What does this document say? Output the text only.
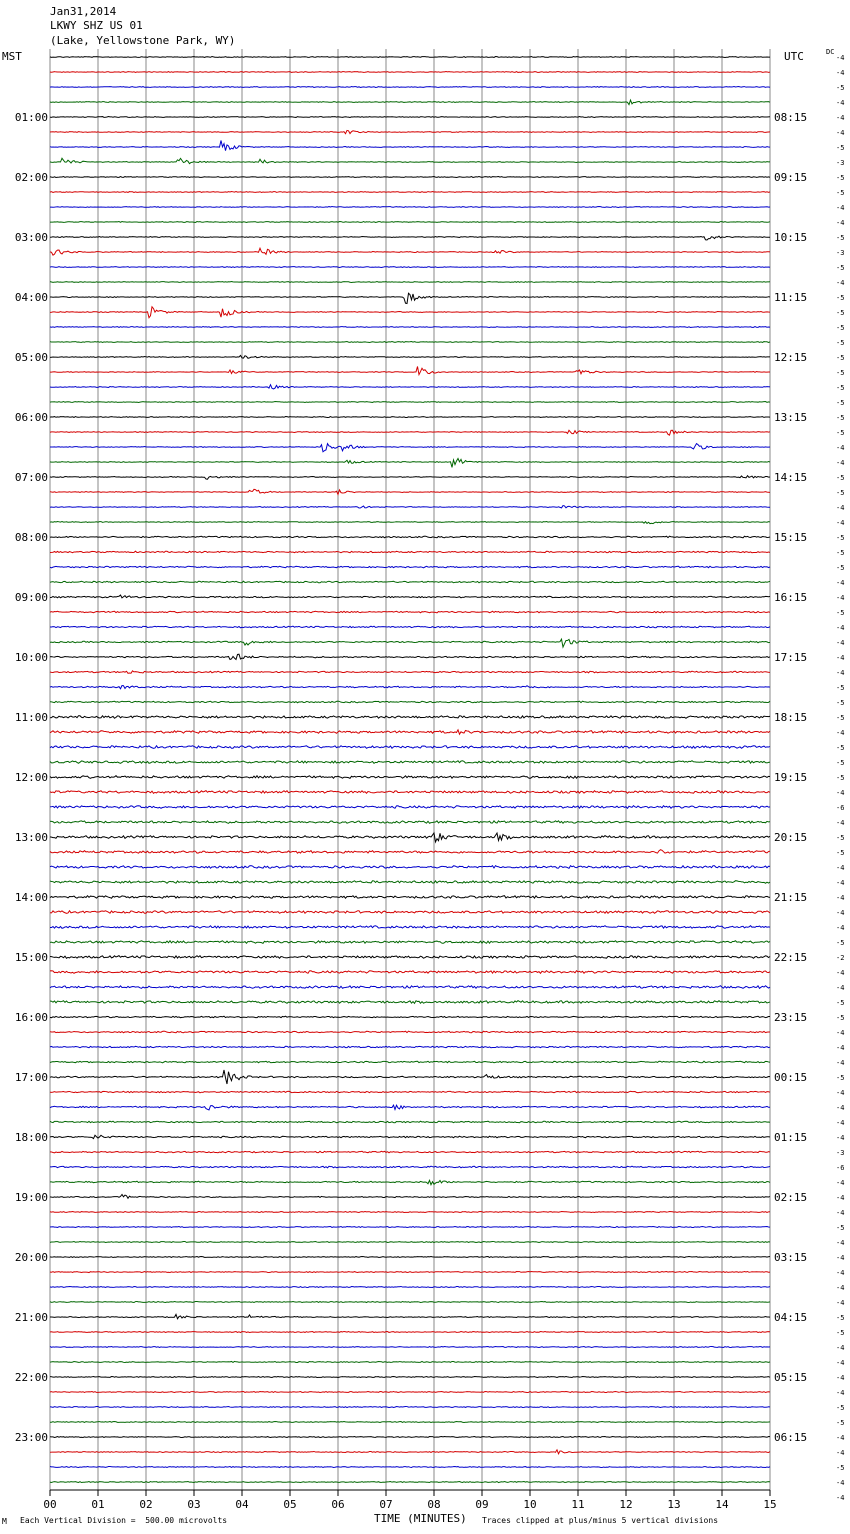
00	01	02	03	04	05	06	07	08	09	10	11	12	13	14	15
01:00
02:00
03:00
04:00
05:00
06:00
07:00
08:00
09:00
10:00
11:00
12:00
13:00
14:00
15:00
16:00
17:00
18:00
19:00
20:00
21:00
22:00
23:00
08:15
09:15
10:15
11:15
12:15
13:15
14:15
15:15
16:15
17:15
18:15
19:15
20:15
21:15
22:15
23:15
00:15
01:15
02:15
03:15
04:15
05:15
06:15
-4
-4
-5
-4
-4
-4
-5
-3
-5
-5
-4
-4
-5
-3
-5
-4
-5
-5
-5
-5
-5
-5
-5
-5
-5
-5
-4
-4
-5
-5
-4
-4
-5
-5
-5
-4
-4
-5
-4
-4
-4
-4
-5
-5
-5
-4
-5
-5
-5
-4
-6
-4
-5
-5
-4
-4
-4
-4
-4
-5
-2
-4
-4
-5
-5
-4
-4
-4
-5
-4
-4
-4
-4
-3
-6
-4
-4
-4
-5
-4
-4
-4
-4
-4
-5
-5
-4
-4
-4
-4
-5
-5
-4
-4
-5
-4
-4
Jan31,2014
LKWY SHZ US 01
(Lake, Yellowstone Park, WY)
MST	UTC	DC
M Each Vertical Division =  500.00 microvolts	TIME (MINUTES) Traces clipped at plus/minus 5 vertical divisions
